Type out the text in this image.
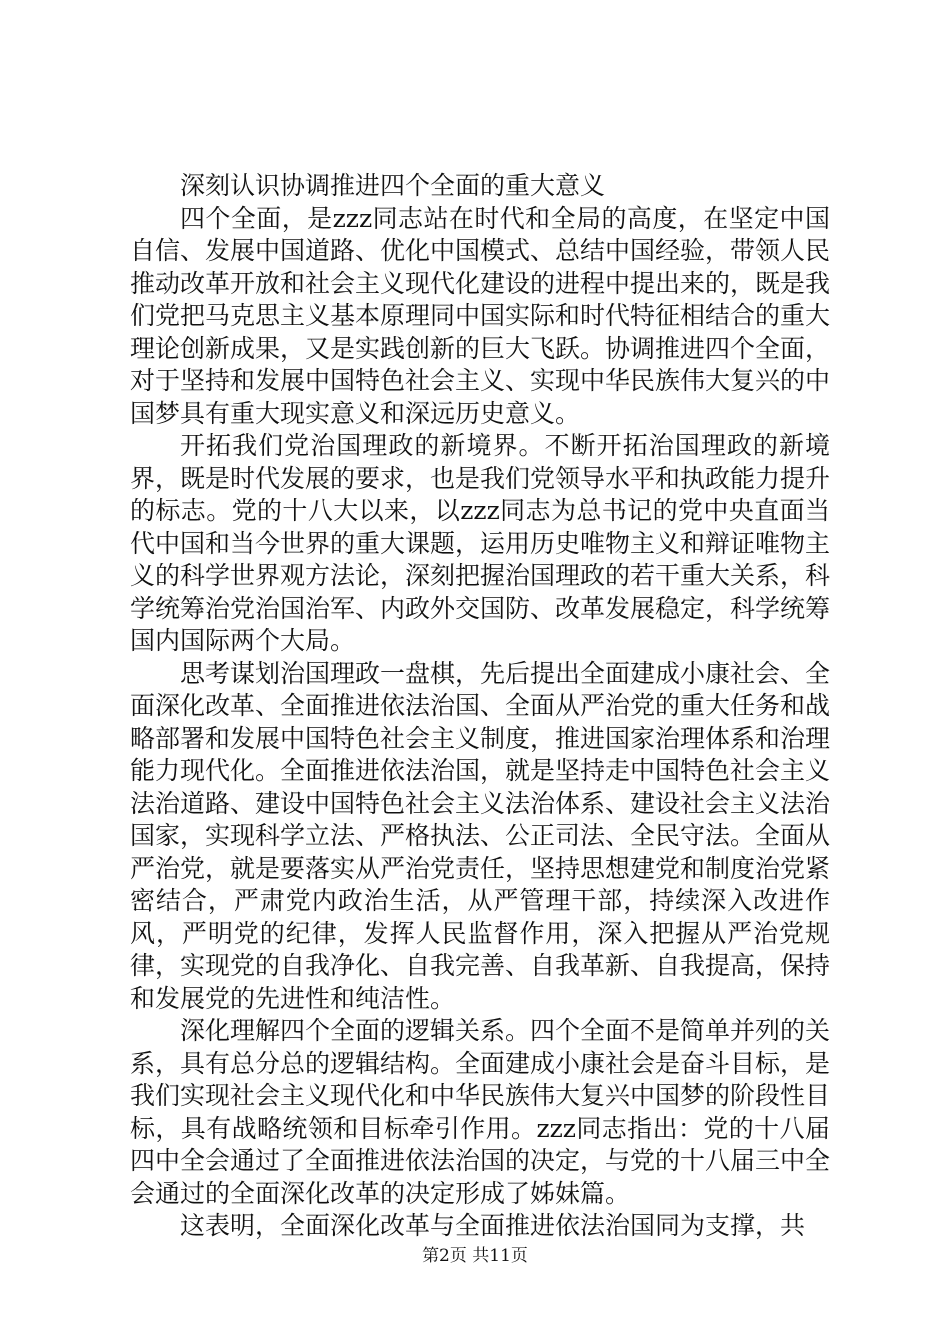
深刻认识协调推进四个全面的重大意义

四个全面，是zzz同志站在时代和全局的高度，在坚定中国自信、发展中国道路、优化中国模式、总结中国经验，带领人民推动改革开放和社会主义现代化建设的进程中提出来的，既是我们党把马克思主义基本原理同中国实际和时代特征相结合的重大理论创新成果，又是实践创新的巨大飞跃。协调推进四个全面，对于坚持和发展中国特色社会主义、实现中华民族伟大复兴的中国梦具有重大现实意义和深远历史意义。

开拓我们党治国理政的新境界。不断开拓治国理政的新境界，既是时代发展的要求，也是我们党领导水平和执政能力提升的标志。党的十八大以来，以zzz同志为总书记的党中央直面当代中国和当今世界的重大课题，运用历史唯物主义和辩证唯物主义的科学世界观方法论，深刻把握治国理政的若干重大关系，科学统筹治党治国治军、内政外交国防、改革发展稳定，科学统筹国内国际两个大局。

思考谋划治国理政一盘棋，先后提出全面建成小康社会、全面深化改革、全面推进依法治国、全面从严治党的重大任务和战略部署和发展中国特色社会主义制度，推进国家治理体系和治理能力现代化。全面推进依法治国，就是坚持走中国特色社会主义法治道路、建设中国特色社会主义法治体系、建设社会主义法治国家，实现科学立法、严格执法、公正司法、全民守法。全面从严治党，就是要落实从严治党责任，坚持思想建党和制度治党紧密结合，严肃党内政治生活，从严管理干部，持续深入改进作风，严明党的纪律，发挥人民监督作用，深入把握从严治党规律，实现党的自我净化、自我完善、自我革新、自我提高，保持和发展党的先进性和纯洁性。

深化理解四个全面的逻辑关系。四个全面不是简单并列的关系，具有总分总的逻辑结构。全面建成小康社会是奋斗目标，是我们实现社会主义现代化和中华民族伟大复兴中国梦的阶段性目标，具有战略统领和目标牵引作用。zzz同志指出：党的十八届四中全会通过了全面推进依法治国的决定，与党的十八届三中全会通过的全面深化改革的决定形成了姊妹篇。

这表明，全面深化改革与全面推进依法治国同为支撑，共

第2页 共11页
